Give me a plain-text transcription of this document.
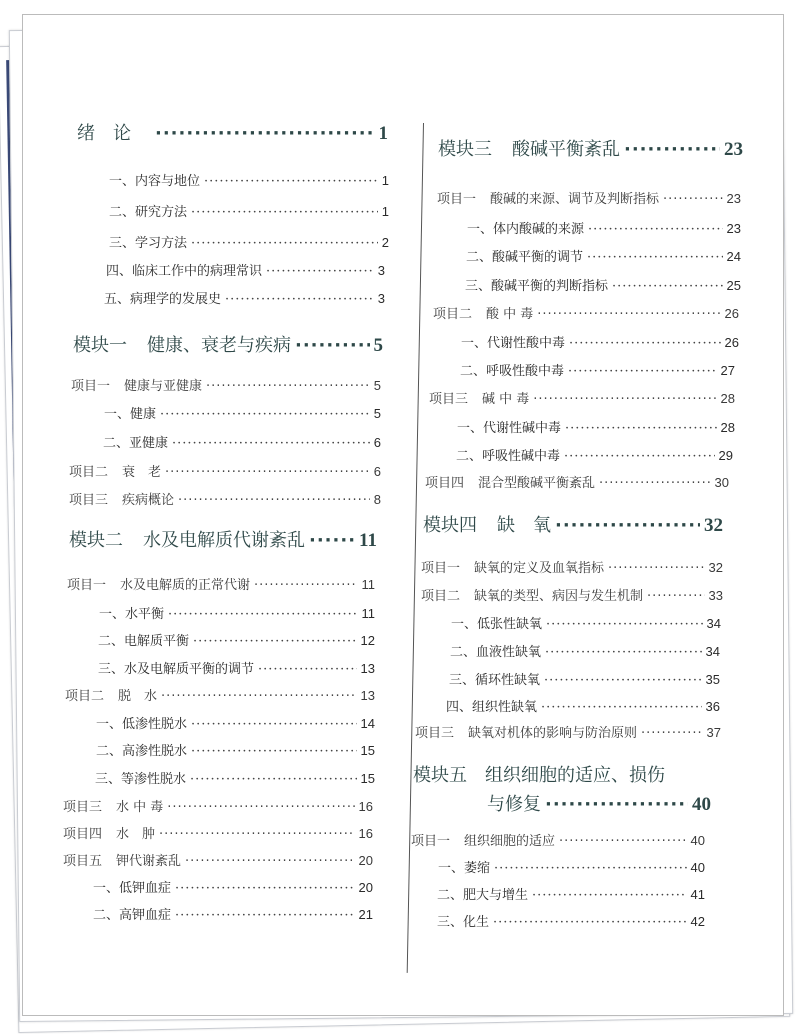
绪　论 ·····	1
一、内容与地位 ·····	1
二、研究方法 ·····	1
三、学习方法 ·····	2
四、临床工作中的病理常识 ·····	3
五、病理学的发展史 ·····	3
模块一 健康、衰老与疾病 ·····	5
项目一 健康与亚健康 ·····	5
一、健康 ·····	5
二、亚健康 ·····	6
项目二 衰　老 ·····	6
项目三 疾病概论 ·····	8
模块二 水及电解质代谢紊乱 ·····	11
项目一 水及电解质的正常代谢 ·····	11
一、水平衡 ·····	11
二、电解质平衡 ·····	12
三、水及电解质平衡的调节 ·····	13
项目二 脱　水 ·····	13
一、低渗性脱水 ·····	14
二、高渗性脱水 ·····	15
三、等渗性脱水 ·····	15
项目三 水 中 毒 ·····	16
项目四 水　肿 ·····	16
项目五 钾代谢紊乱 ·····	20
一、低钾血症 ·····	20
二、高钾血症 ·····	21
模块三 酸碱平衡紊乱 ·····	23
项目一 酸碱的来源、调节及判断指标 ·····	23
一、体内酸碱的来源 ·····	23
二、酸碱平衡的调节 ·····	24
三、酸碱平衡的判断指标 ·····	25
项目二 酸 中 毒 ·····	26
一、代谢性酸中毒 ·····	26
二、呼吸性酸中毒 ·····	27
项目三 碱 中 毒 ·····	28
一、代谢性碱中毒 ·····	28
二、呼吸性碱中毒 ·····	29
项目四 混合型酸碱平衡紊乱 ·····	30
模块四 缺　氧 ·····	32
项目一 缺氧的定义及血氧指标 ·····	32
项目二 缺氧的类型、病因与发生机制 ·····	33
一、低张性缺氧 ·····	34
二、血液性缺氧 ·····	34
三、循环性缺氧 ·····	35
四、组织性缺氧 ·····	36
项目三 缺氧对机体的影响与防治原则 ·····	37
模块五 组织细胞的适应、损伤
与修复 ·····	40
项目一 组织细胞的适应 ·····	40
一、萎缩 ·····	40
二、肥大与增生 ·····	41
三、化生 ·····	42
